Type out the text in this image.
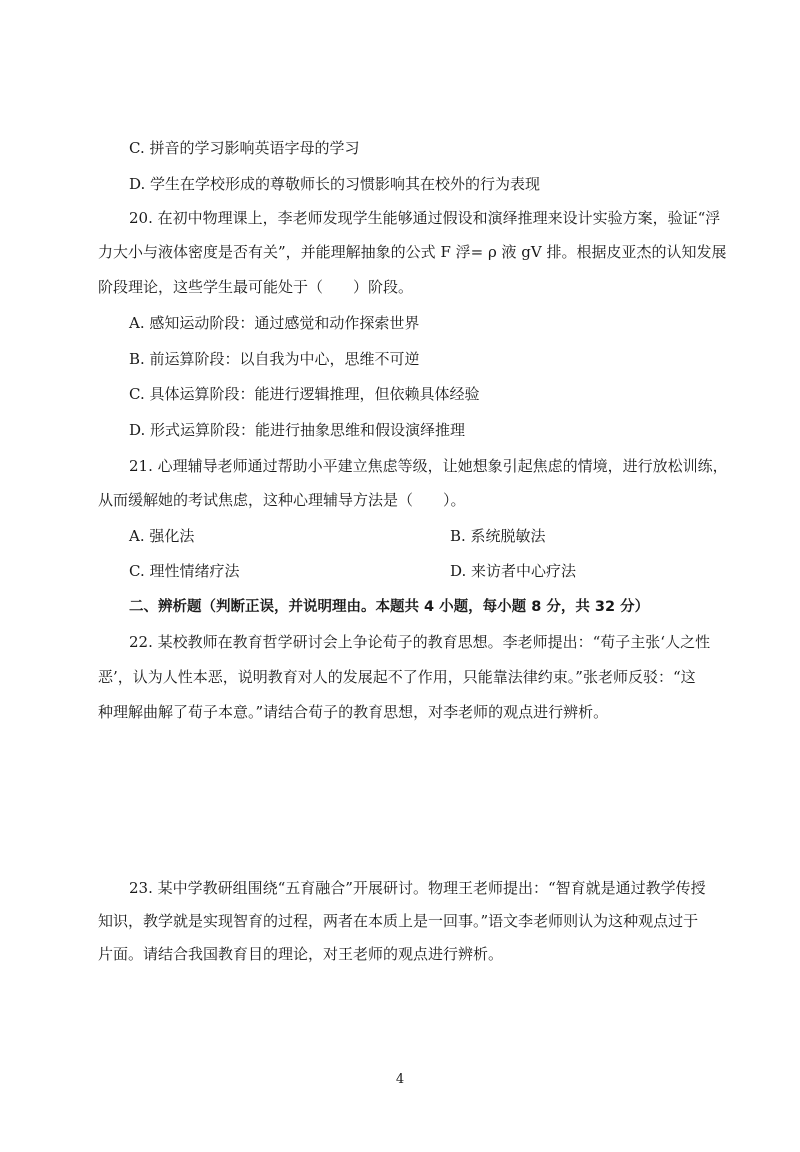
C. 拼音的学习影响英语字母的学习
D. 学生在学校形成的尊敬师长的习惯影响其在校外的行为表现
20. 在初中物理课上，李老师发现学生能够通过假设和演绎推理来设计实验方案，验证“浮
力大小与液体密度是否有关”，并能理解抽象的公式 F 浮= ρ 液 gV 排。根据皮亚杰的认知发展
阶段理论，这些学生最可能处于（　　）阶段。
A. 感知运动阶段：通过感觉和动作探索世界
B. 前运算阶段：以自我为中心，思维不可逆
C. 具体运算阶段：能进行逻辑推理，但依赖具体经验
D. 形式运算阶段：能进行抽象思维和假设演绎推理
21. 心理辅导老师通过帮助小平建立焦虑等级，让她想象引起焦虑的情境，进行放松训练，
从而缓解她的考试焦虑，这种心理辅导方法是（　　）。
A. 强化法	B. 系统脱敏法
C. 理性情绪疗法	D. 来访者中心疗法
二、辨析题（判断正误，并说明理由。本题共 4 小题，每小题 8 分，共 32 分）
22. 某校教师在教育哲学研讨会上争论荀子的教育思想。李老师提出：“荀子主张‘人之性
恶’，认为人性本恶，说明教育对人的发展起不了作用，只能靠法律约束。”张老师反驳：“这
种理解曲解了荀子本意。”请结合荀子的教育思想，对李老师的观点进行辨析。
23. 某中学教研组围绕“五育融合”开展研讨。物理王老师提出：“智育就是通过教学传授
知识，教学就是实现智育的过程，两者在本质上是一回事。”语文李老师则认为这种观点过于
片面。请结合我国教育目的理论，对王老师的观点进行辨析。
4
